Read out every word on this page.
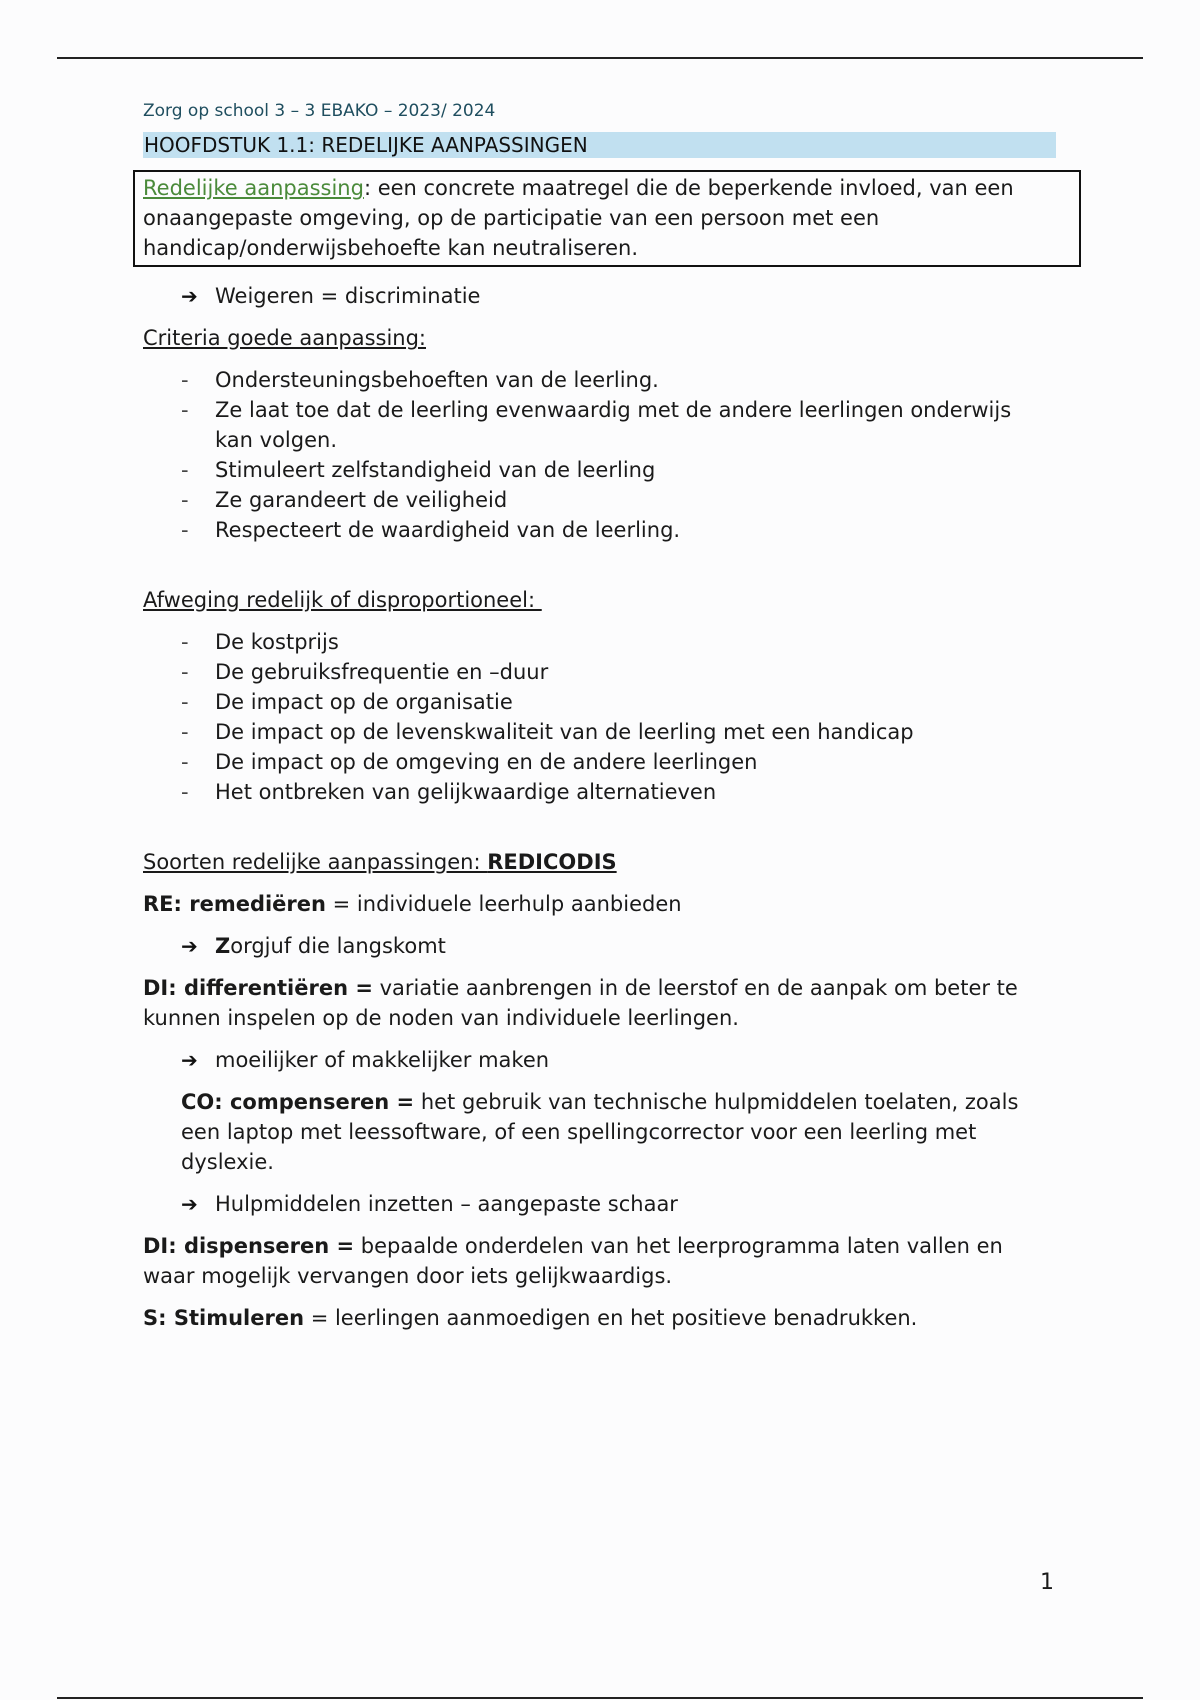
Zorg op school 3 – 3 EBAKO – 2023/ 2024
HOOFDSTUK 1.1: REDELIJKE AANPASSINGEN
Redelijke aanpassing: een concrete maatregel die de beperkende invloed, van een onaangepaste omgeving, op de participatie van een persoon met een handicap/onderwijsbehoefte kan neutraliseren.
➔ Weigeren = discriminatie
Criteria goede aanpassing:
-	Ondersteuningsbehoeften van de leerling.
-	Ze laat toe dat de leerling evenwaardig met de andere leerlingen onderwijs kan volgen.
-	Stimuleert zelfstandigheid van de leerling
-	Ze garandeert de veiligheid
-	Respecteert de waardigheid van de leerling.
Afweging redelijk of disproportioneel:
-	De kostprijs
-	De gebruiksfrequentie en –duur
-	De impact op de organisatie
-	De impact op de levenskwaliteit van de leerling met een handicap
-	De impact op de omgeving en de andere leerlingen
-	Het ontbreken van gelijkwaardige alternatieven
Soorten redelijke aanpassingen: REDICODIS
RE: remediëren = individuele leerhulp aanbieden
➔ Zorgjuf die langskomt
DI: differentiëren = variatie aanbrengen in de leerstof en de aanpak om beter te kunnen inspelen op de noden van individuele leerlingen.
➔ moeilijker of makkelijker maken
CO: compenseren = het gebruik van technische hulpmiddelen toelaten, zoals een laptop met leessoftware, of een spellingcorrector voor een leerling met dyslexie.
➔ Hulpmiddelen inzetten – aangepaste schaar
DI: dispenseren = bepaalde onderdelen van het leerprogramma laten vallen en waar mogelijk vervangen door iets gelijkwaardigs.
S: Stimuleren = leerlingen aanmoedigen en het positieve benadrukken.
1
